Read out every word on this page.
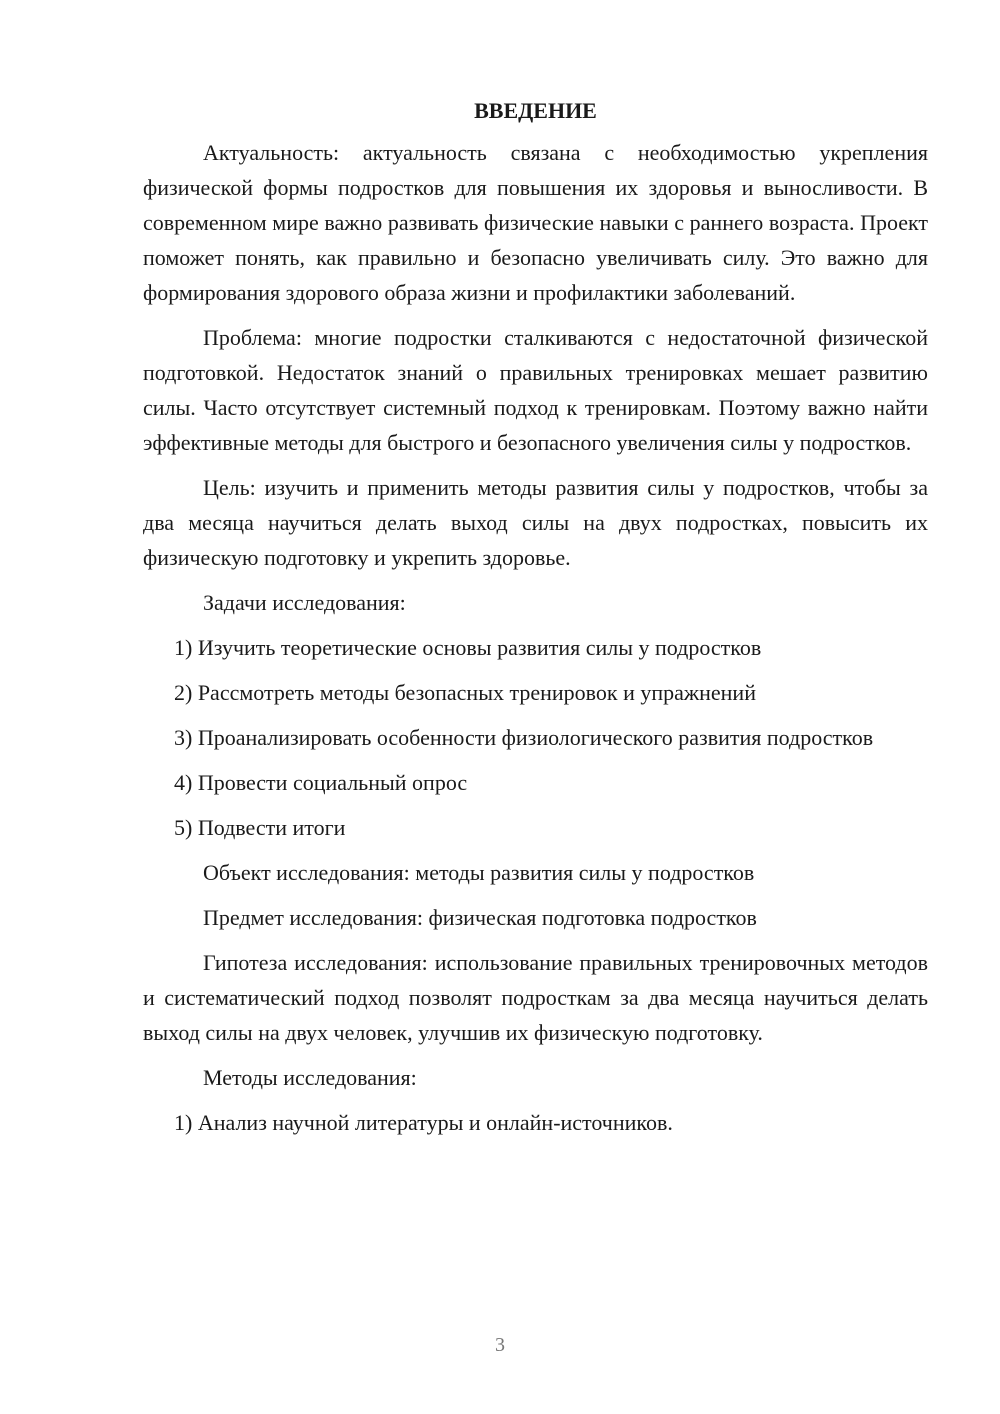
ВВЕДЕНИЕ

Актуальность: актуальность связана с необходимостью укрепления физической формы подростков для повышения их здоровья и выносливости. В современном мире важно развивать физические навыки с раннего возраста. Проект поможет понять, как правильно и безопасно увеличивать силу. Это важно для формирования здорового образа жизни и профилактики заболеваний.

Проблема: многие подростки сталкиваются с недостаточной физической подготовкой. Недостаток знаний о правильных тренировках мешает развитию силы. Часто отсутствует системный подход к тренировкам. Поэтому важно найти эффективные методы для быстрого и безопасного увеличения силы у подростков.

Цель: изучить и применить методы развития силы у подростков, чтобы за два месяца научиться делать выход силы на двух подростках, повысить их физическую подготовку и укрепить здоровье.

Задачи исследования:
1) Изучить теоретические основы развития силы у подростков
2) Рассмотреть методы безопасных тренировок и упражнений
3) Проанализировать особенности физиологического развития подростков
4) Провести социальный опрос
5) Подвести итоги
Объект исследования: методы развития силы у подростков
Предмет исследования: физическая подготовка подростков

Гипотеза исследования: использование правильных тренировочных методов и систематический подход позволят подросткам за два месяца научиться делать выход силы на двух человек, улучшив их физическую подготовку.

Методы исследования:
1) Анализ научной литературы и онлайн-источников.
3
